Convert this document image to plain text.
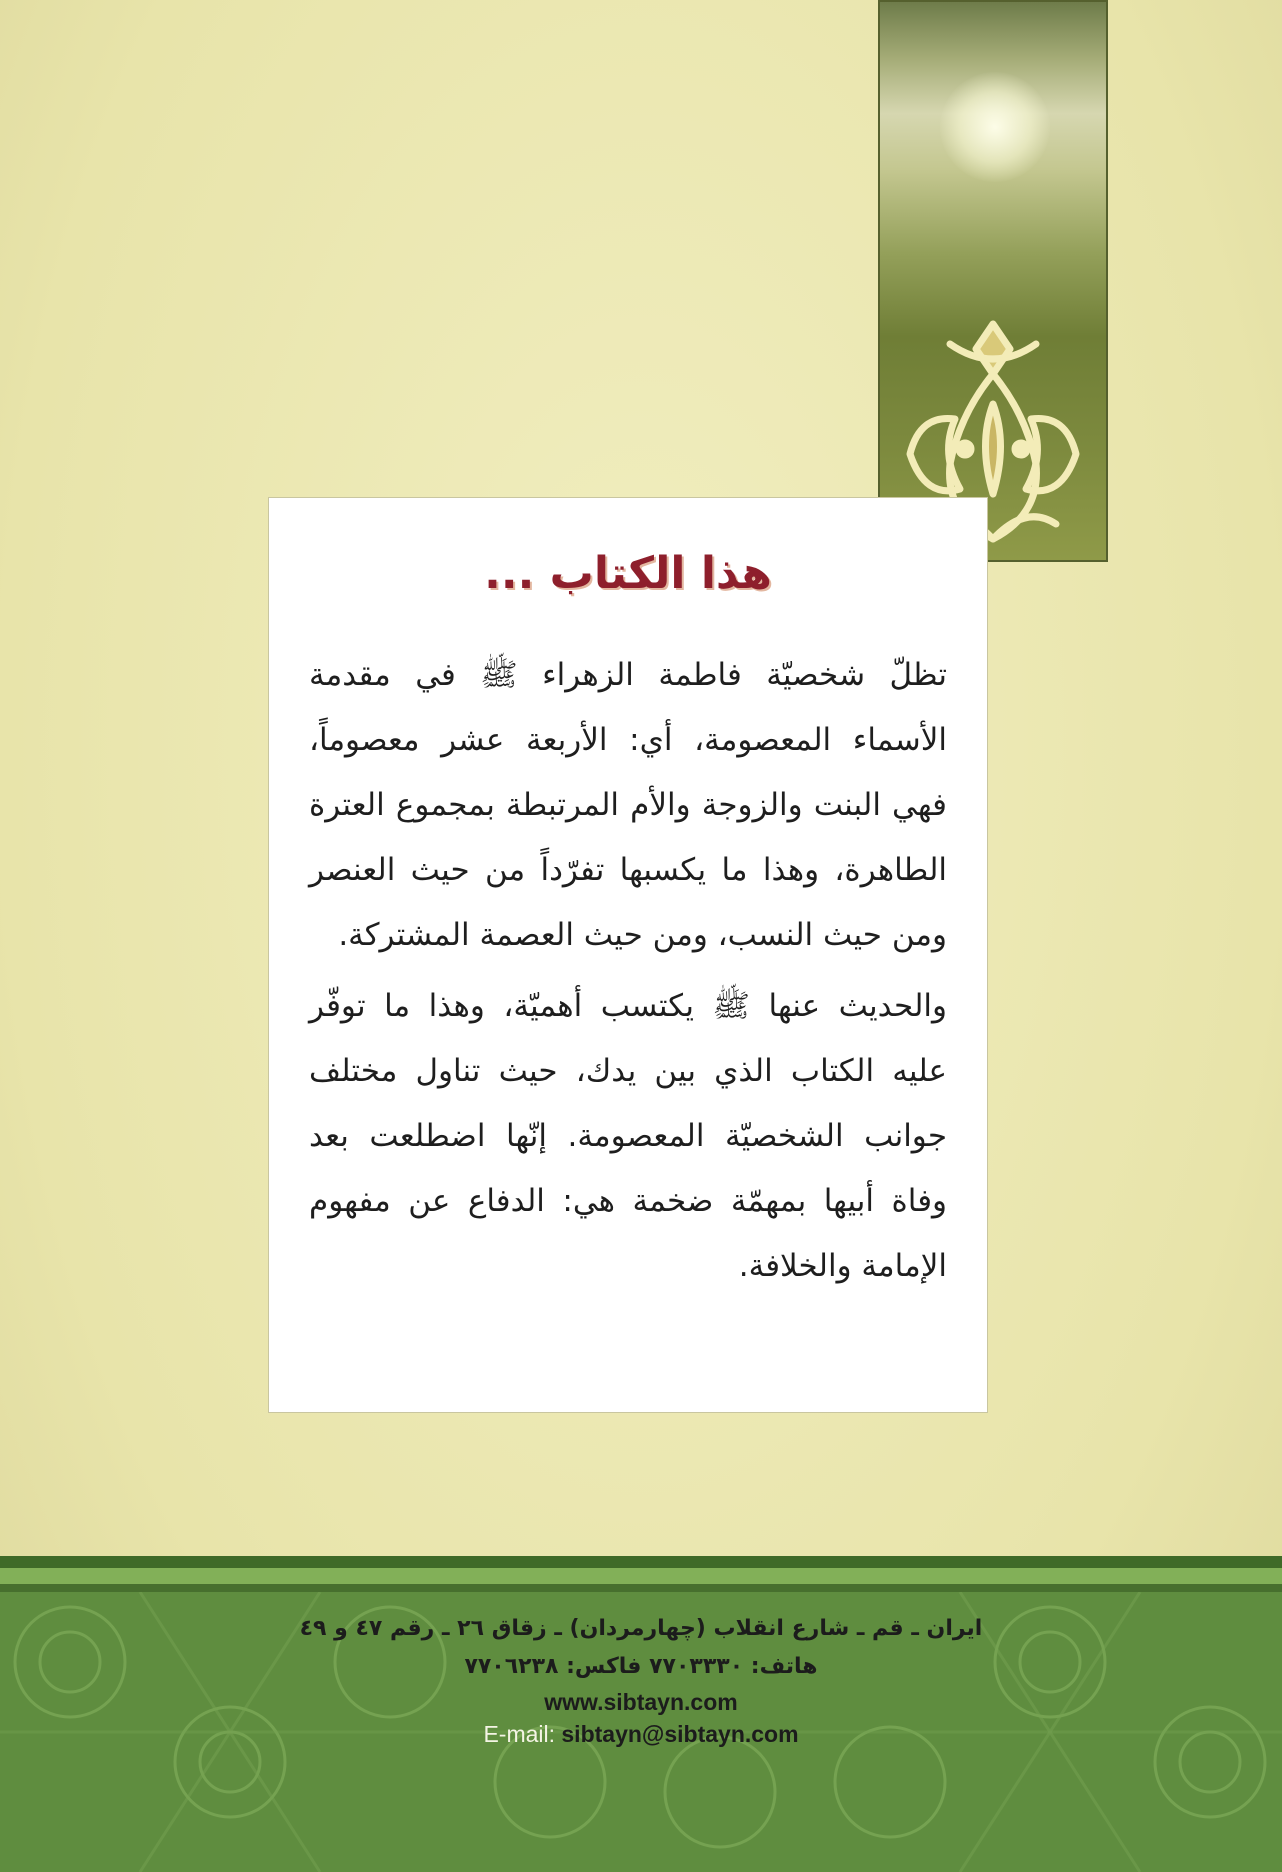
هذا الكتاب ...

تظلّ شخصيّة فاطمة الزهراء ﷺ في مقدمة الأسماء المعصومة، أي: الأربعة عشر معصوماً، فهي البنت والزوجة والأم المرتبطة بمجموع العترة الطاهرة، وهذا ما يكسبها تفرّداً من حيث العنصر ومن حيث النسب، ومن حيث العصمة المشتركة.

والحديث عنها ﷺ يكتسب أهميّة، وهذا ما توفّر عليه الكتاب الذي بين يدك، حيث تناول مختلف جوانب الشخصيّة المعصومة. إنّها اضطلعت بعد وفاة أبيها بمهمّة ضخمة هي: الدفاع عن مفهوم الإمامة والخلافة.

ايران ـ قم ـ شارع انقلاب (چهارمردان) ـ زقاق ٢٦ ـ رقم ٤٧ و ٤٩
هاتف: ٧٧٠٣٣٣٠ فاكس: ٧٧٠٦٢٣٨
www.sibtayn.com
E-mail: sibtayn@sibtayn.com
